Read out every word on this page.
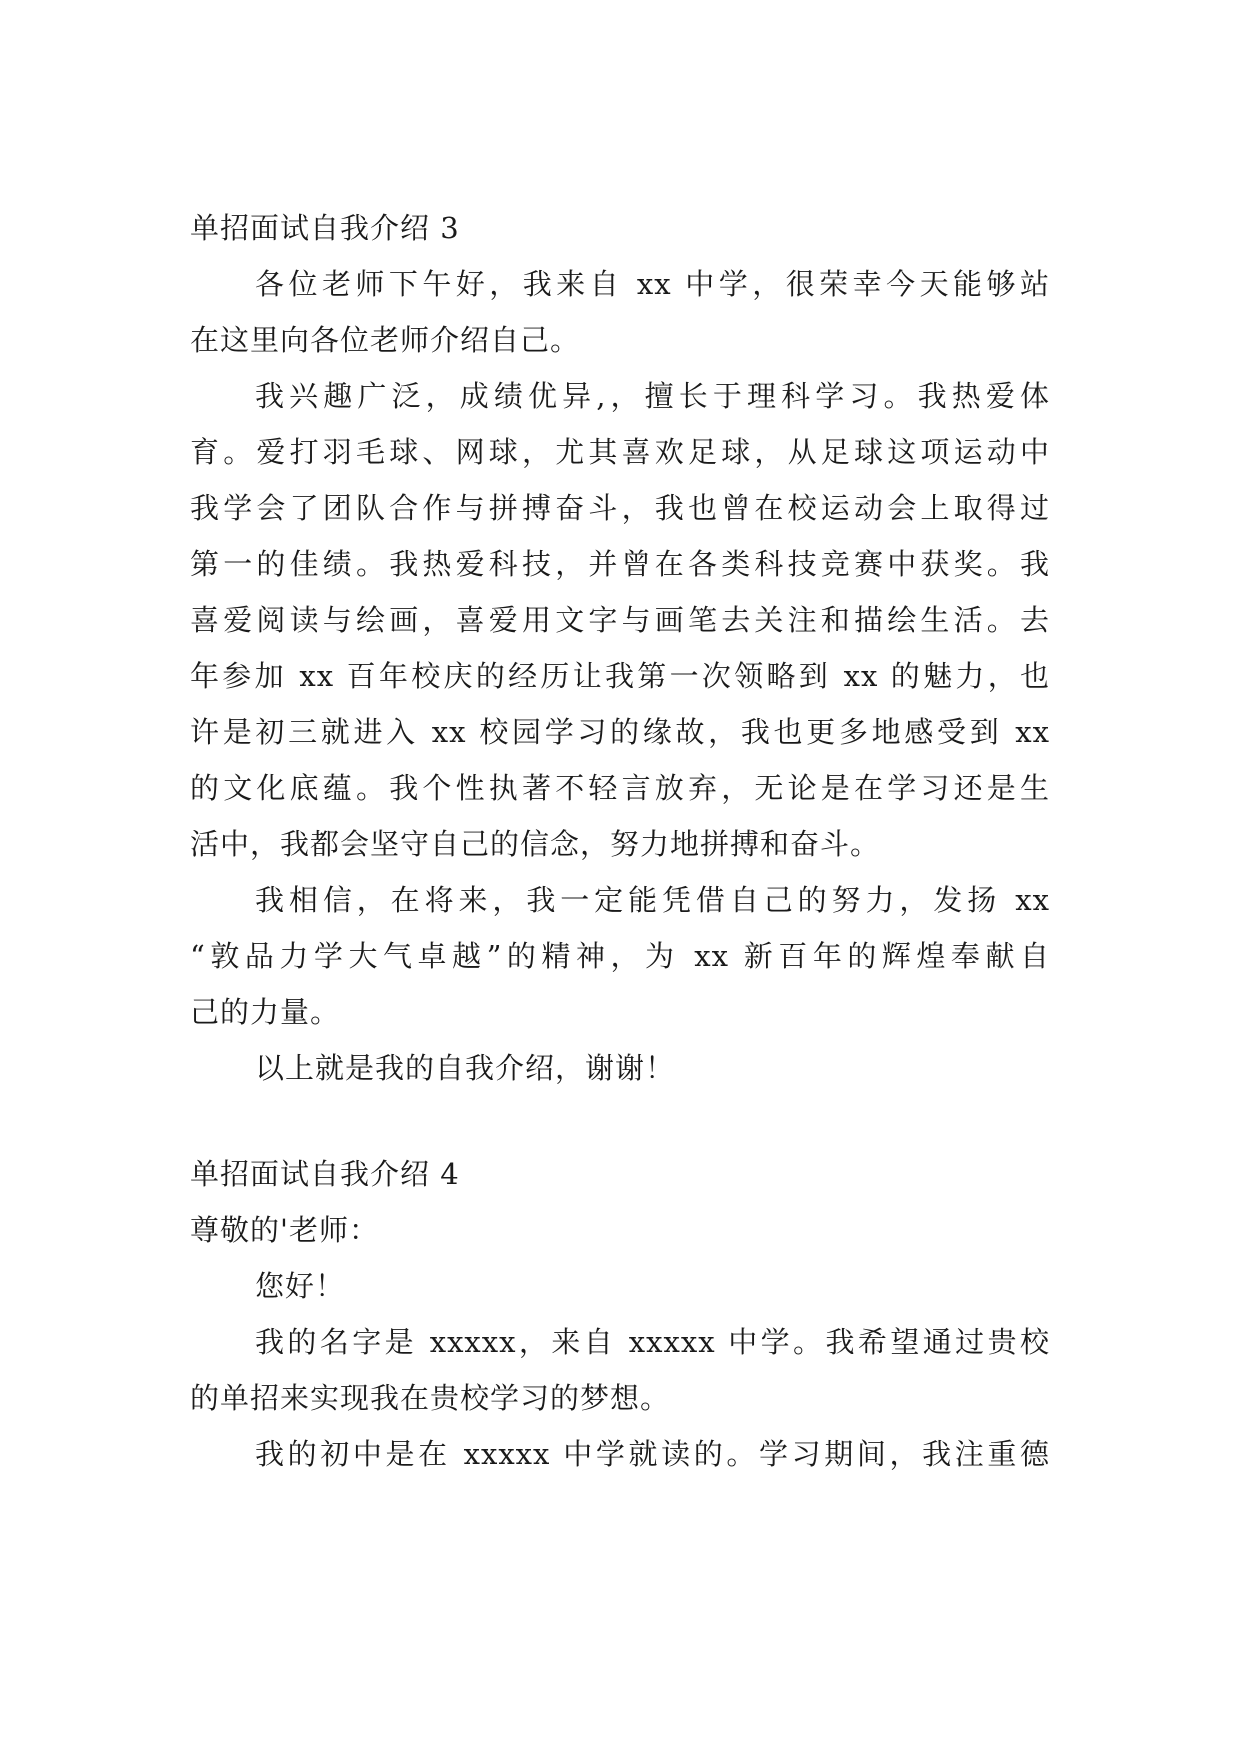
单招面试自我介绍 3
各位老师下午好，我来自 xx 中学，很荣幸今天能够站
在这里向各位老师介绍自己。
我兴趣广泛，成绩优异,，擅长于理科学习。我热爱体
育。爱打羽毛球、网球，尤其喜欢足球，从足球这项运动中
我学会了团队合作与拼搏奋斗，我也曾在校运动会上取得过
第一的佳绩。我热爱科技，并曾在各类科技竞赛中获奖。我
喜爱阅读与绘画，喜爱用文字与画笔去关注和描绘生活。去
年参加 xx 百年校庆的经历让我第一次领略到 xx 的魅力，也
许是初三就进入 xx 校园学习的缘故，我也更多地感受到 xx
的文化底蕴。我个性执著不轻言放弃，无论是在学习还是生
活中，我都会坚守自己的信念，努力地拼搏和奋斗。
我相信，在将来，我一定能凭借自己的努力，发扬 xx
“敦品力学大气卓越”的精神，为 xx 新百年的辉煌奉献自
己的力量。
以上就是我的自我介绍，谢谢！
单招面试自我介绍 4
尊敬的'老师：
您好！
我的名字是 xxxxx，来自 xxxxx 中学。我希望通过贵校
的单招来实现我在贵校学习的梦想。
我的初中是在 xxxxx 中学就读的。学习期间，我注重德
